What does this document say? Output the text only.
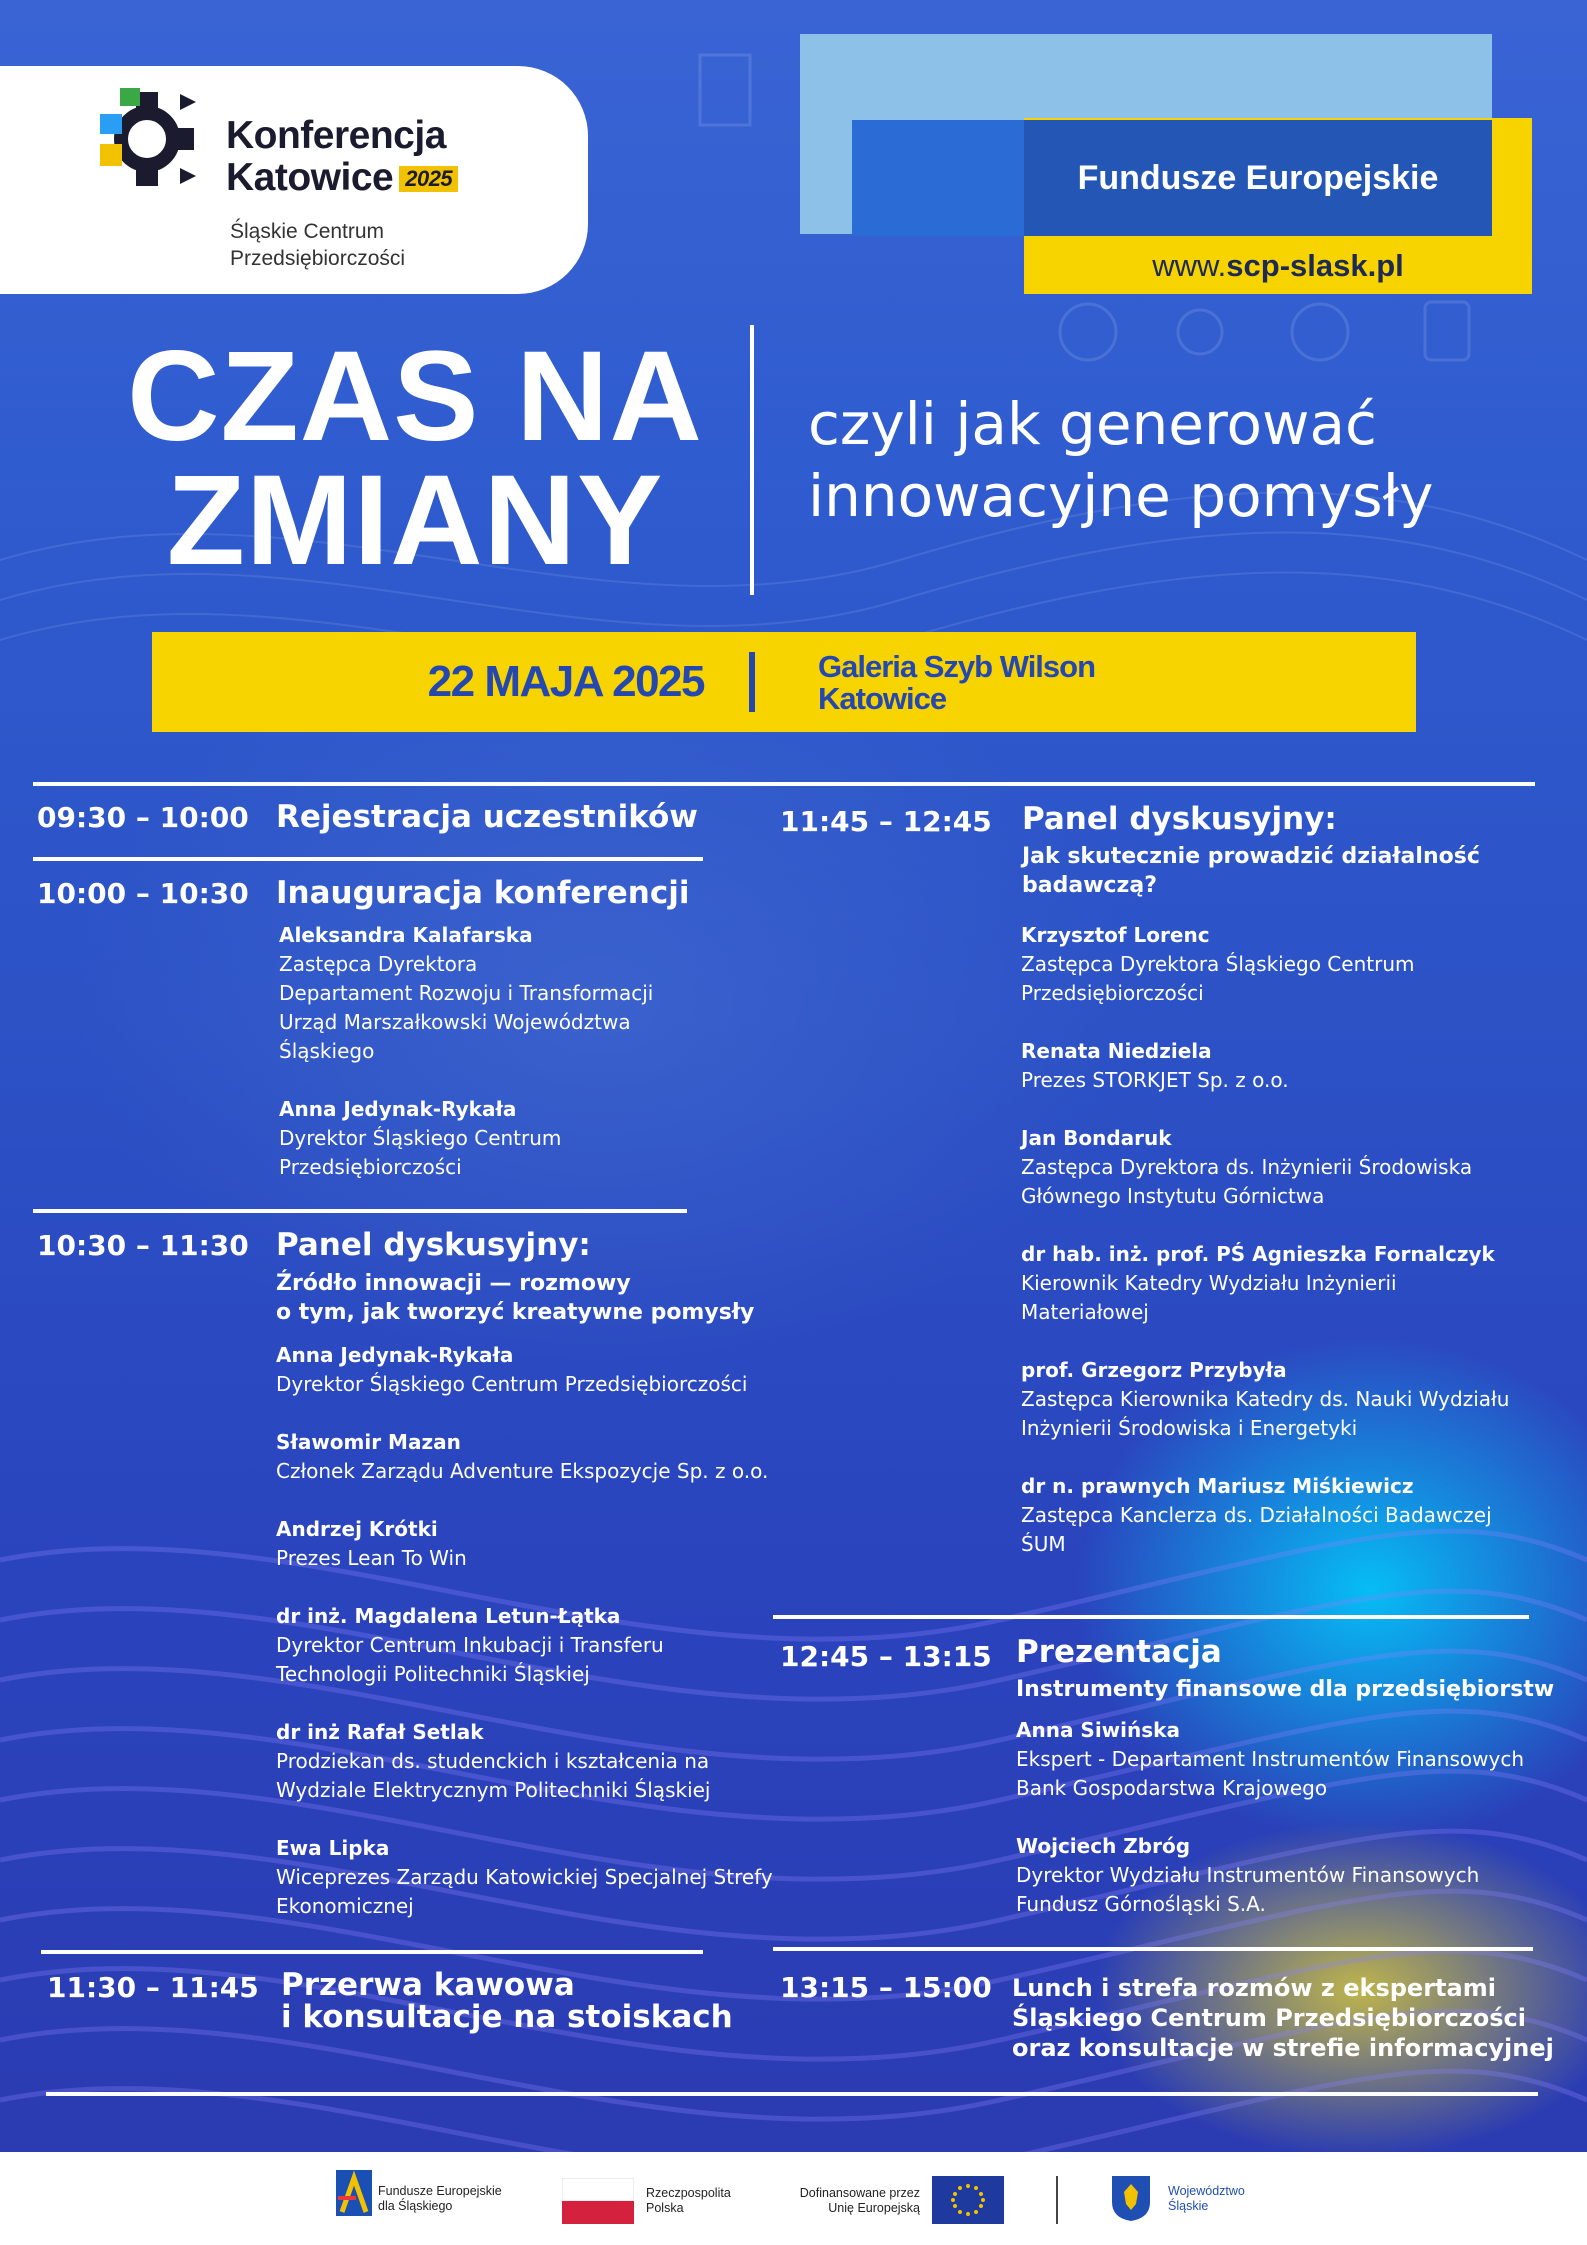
Konferencja
Katowice 2025
Śląskie Centrum
Przedsiębiorczości
Fundusze Europejskie
www. scp-slask.pl
CZAS NA
ZMIANY
czyli jak generować
innowacyjne pomysły
22 MAJA 2025	Galeria Szyb Wilson
Katowice
09:30 – 10:00 Rejestracja uczestników
10:00 – 10:30 Inauguracja konferencji
Aleksandra Kalafarska
Zastępca Dyrektora
Departament Rozwoju i Transformacji
Urząd Marszałkowski Województwa
Śląskiego
Anna Jedynak-Rykała
Dyrektor Śląskiego Centrum
Przedsiębiorczości
10:30 – 11:30 Panel dyskusyjny:
Źródło innowacji — rozmowy
o tym, jak tworzyć kreatywne pomysły
Anna Jedynak-Rykała
Dyrektor Śląskiego Centrum Przedsiębiorczości
Sławomir Mazan
Członek Zarządu Adventure Ekspozycje Sp. z o.o.
Andrzej Krótki
Prezes Lean To Win
dr inż. Magdalena Letun-Łątka
Dyrektor Centrum Inkubacji i Transferu
Technologii Politechniki Śląskiej
dr inż Rafał Setlak
Prodziekan ds. studenckich i kształcenia na
Wydziale Elektrycznym Politechniki Śląskiej
Ewa Lipka
Wiceprezes Zarządu Katowickiej Specjalnej Strefy
Ekonomicznej
11:30 – 11:45 Przerwa kawowa
i konsultacje na stoiskach
11:45 – 12:45 Panel dyskusyjny:
Jak skutecznie prowadzić działalność
badawczą?
Krzysztof Lorenc
Zastępca Dyrektora Śląskiego Centrum
Przedsiębiorczości
Renata Niedziela
Prezes STORKJET Sp. z o.o.
Jan Bondaruk
Zastępca Dyrektora ds. Inżynierii Środowiska
Głównego Instytutu Górnictwa
dr hab. inż. prof. PŚ Agnieszka Fornalczyk
Kierownik Katedry Wydziału Inżynierii
Materiałowej
prof. Grzegorz Przybyła
Zastępca Kierownika Katedry ds. Nauki Wydziału
Inżynierii Środowiska i Energetyki
dr n. prawnych Mariusz Miśkiewicz
Zastępca Kanclerza ds. Działalności Badawczej
ŚUM
12:45 – 13:15 Prezentacja
Instrumenty finansowe dla przedsiębiorstw
Anna Siwińska
Ekspert - Departament Instrumentów Finansowych
Bank Gospodarstwa Krajowego
Wojciech Zbróg
Dyrektor Wydziału Instrumentów Finansowych
Fundusz Górnośląski S.A.
13:15 – 15:00 Lunch i strefa rozmów z ekspertami
Śląskiego Centrum Przedsiębiorczości
oraz konsultacje w strefie informacyjnej
Fundusze Europejskie
dla Śląskiego
Rzeczpospolita
Polska
Dofinansowane przez
Unię Europejską
Województwo
Śląskie
